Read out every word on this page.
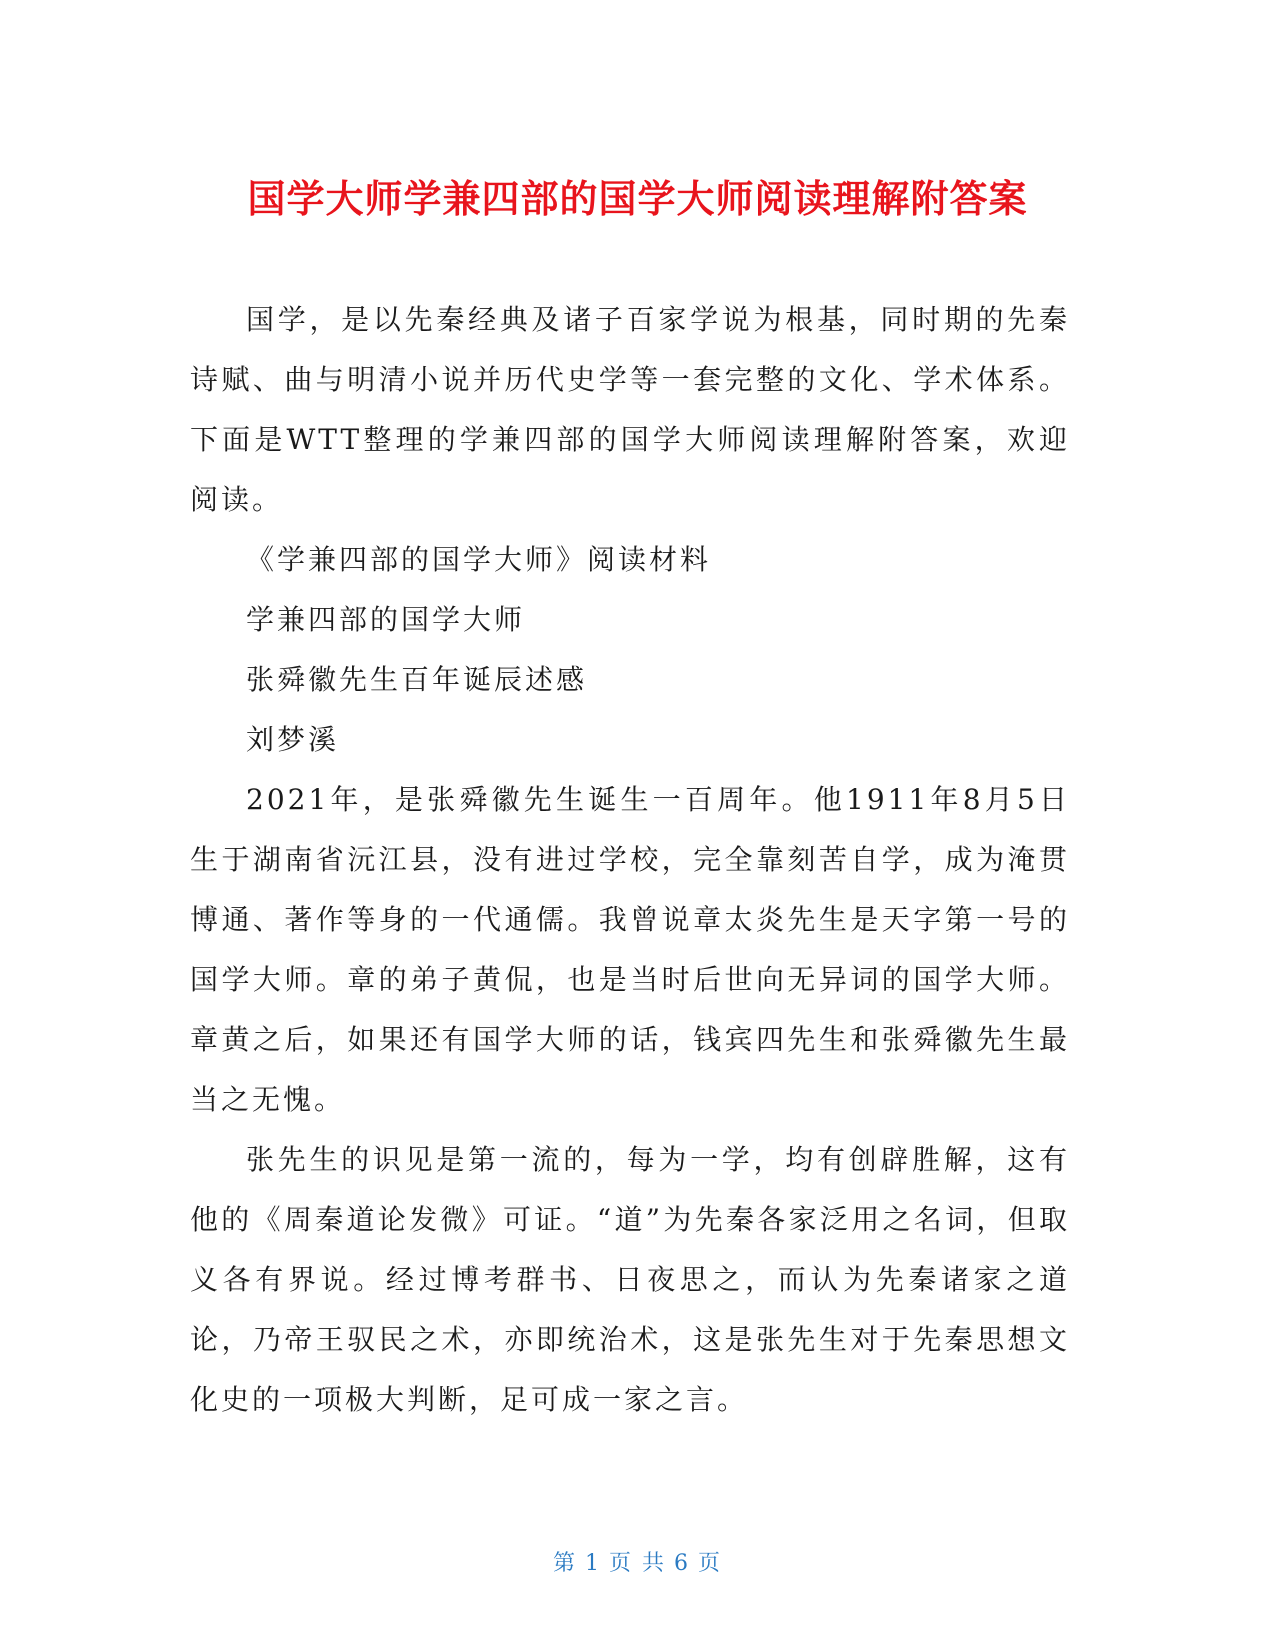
国学大师学兼四部的国学大师阅读理解附答案

国学，是以先秦经典及诸子百家学说为根基，同时期的先秦诗赋、曲与明清小说并历代史学等一套完整的文化、学术体系。下面是WTT整理的学兼四部的国学大师阅读理解附答案，欢迎阅读。

《学兼四部的国学大师》阅读材料

学兼四部的国学大师

张舜徽先生百年诞辰述感

刘梦溪

2021年，是张舜徽先生诞生一百周年。他1911年8月5日生于湖南省沅江县，没有进过学校，完全靠刻苦自学，成为淹贯博通、著作等身的一代通儒。我曾说章太炎先生是天字第一号的国学大师。章的弟子黄侃，也是当时后世向无异词的国学大师。章黄之后，如果还有国学大师的话，钱宾四先生和张舜徽先生最当之无愧。

张先生的识见是第一流的，每为一学，均有创辟胜解，这有他的《周秦道论发微》可证。“道”为先秦各家泛用之名词，但取义各有界说。经过博考群书、日夜思之，而认为先秦诸家之道论，乃帝王驭民之术，亦即统治术，这是张先生对于先秦思想文化史的一项极大判断，足可成一家之言。

第 1 页 共 6 页
